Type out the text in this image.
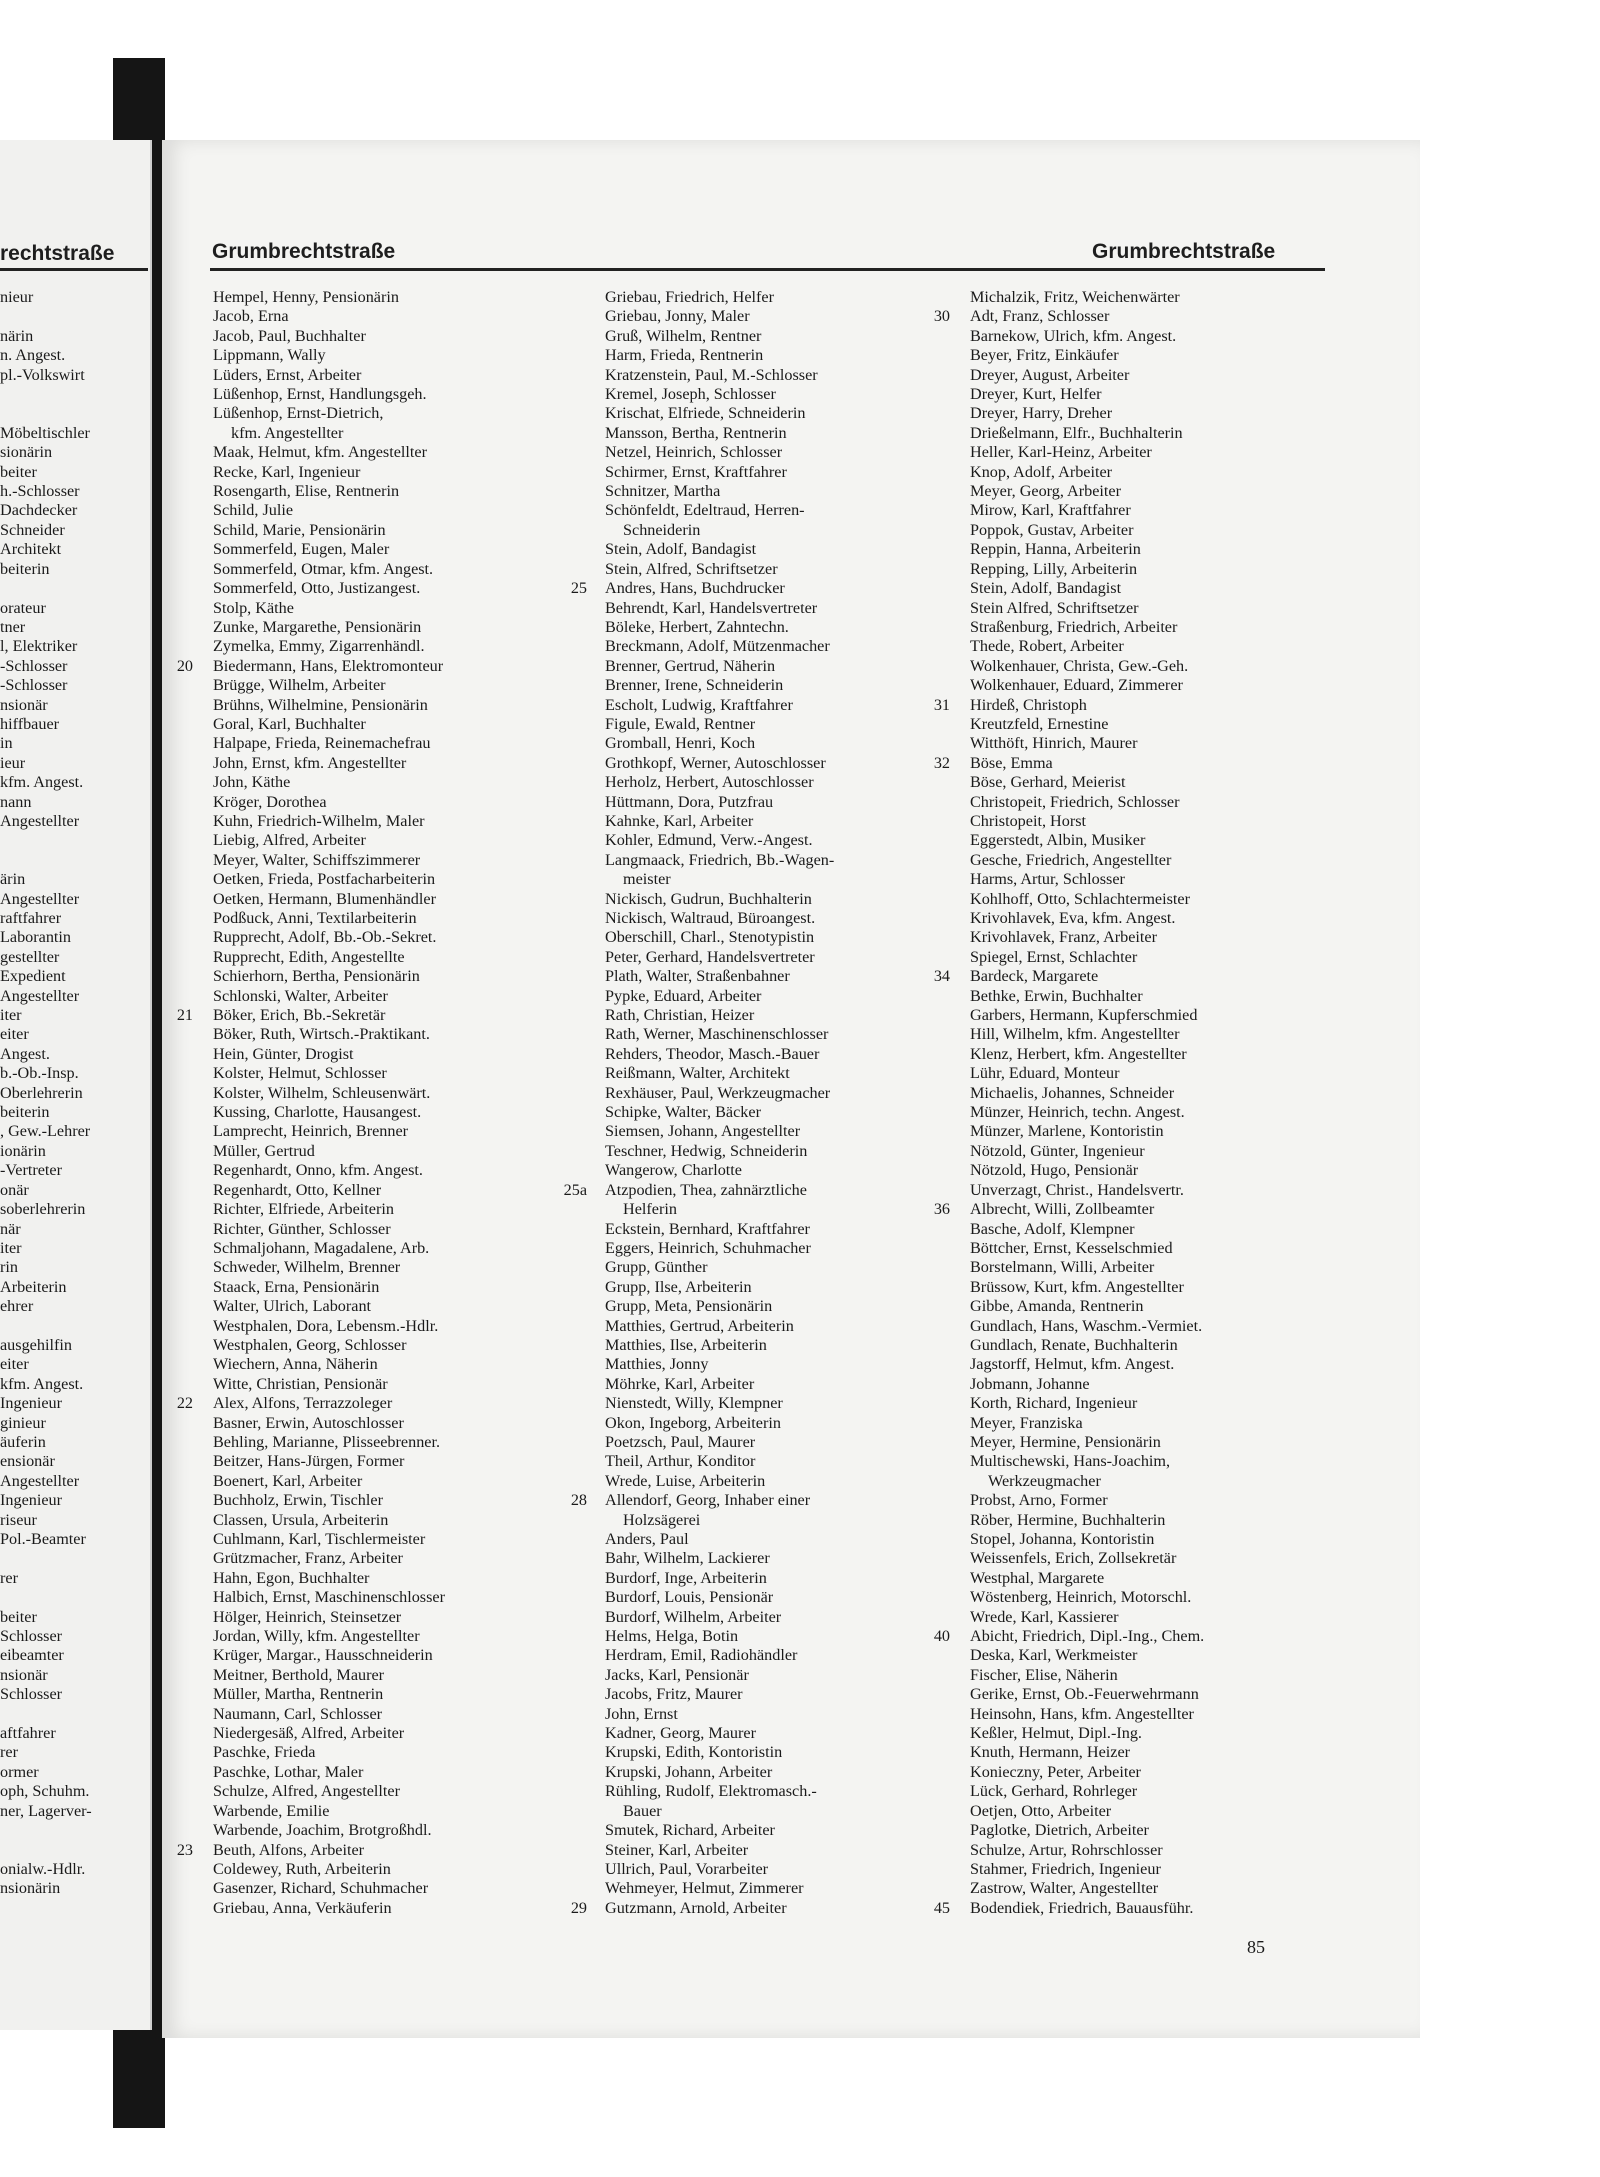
rechtstraße
nieur
närin
n. Angest.
pl.-Volkswirt
Möbeltischler
sionärin
beiter
h.-Schlosser
Dachdecker
Schneider
Architekt
beiterin
orateur
tner
l, Elektriker
-Schlosser
-Schlosser
nsionär
hiffbauer
in
ieur
kfm. Angest.
nann
Angestellter
ärin
Angestellter
raftfahrer
Laborantin
gestellter
Expedient
Angestellter
iter
eiter
Angest.
b.-Ob.-Insp.
Oberlehrerin
beiterin
, Gew.-Lehrer
ionärin
-Vertreter
onär
soberlehrerin
när
iter
rin
Arbeiterin
ehrer
ausgehilfin
eiter
kfm. Angest.
Ingenieur
ginieur
äuferin
ensionär
Angestellter
Ingenieur
riseur
Pol.-Beamter
rer
beiter
Schlosser
eibeamter
nsionär
Schlosser
aftfahrer
rer
ormer
oph, Schuhm.
ner, Lagerver-
onialw.-Hdlr.
nsionärin
Grumbrechtstraße	Grumbrechtstraße
Hempel, Henny, Pensionärin
Jacob, Erna
Jacob, Paul, Buchhalter
Lippmann, Wally
Lüders, Ernst, Arbeiter
Lüßenhop, Ernst, Handlungsgeh.
Lüßenhop, Ernst-Dietrich,
kfm. Angestellter
Maak, Helmut, kfm. Angestellter
Recke, Karl, Ingenieur
Rosengarth, Elise, Rentnerin
Schild, Julie
Schild, Marie, Pensionärin
Sommerfeld, Eugen, Maler
Sommerfeld, Otmar, kfm. Angest.
Sommerfeld, Otto, Justizangest.
Stolp, Käthe
Zunke, Margarethe, Pensionärin
Zymelka, Emmy, Zigarrenhändl.
20 Biedermann, Hans, Elektromonteur
Brügge, Wilhelm, Arbeiter
Brühns, Wilhelmine, Pensionärin
Goral, Karl, Buchhalter
Halpape, Frieda, Reinemachefrau
John, Ernst, kfm. Angestellter
John, Käthe
Kröger, Dorothea
Kuhn, Friedrich-Wilhelm, Maler
Liebig, Alfred, Arbeiter
Meyer, Walter, Schiffszimmerer
Oetken, Frieda, Postfacharbeiterin
Oetken, Hermann, Blumenhändler
Podßuck, Anni, Textilarbeiterin
Rupprecht, Adolf, Bb.-Ob.-Sekret.
Rupprecht, Edith, Angestellte
Schierhorn, Bertha, Pensionärin
Schlonski, Walter, Arbeiter
21 Böker, Erich, Bb.-Sekretär
Böker, Ruth, Wirtsch.-Praktikant.
Hein, Günter, Drogist
Kolster, Helmut, Schlosser
Kolster, Wilhelm, Schleusenwärt.
Kussing, Charlotte, Hausangest.
Lamprecht, Heinrich, Brenner
Müller, Gertrud
Regenhardt, Onno, kfm. Angest.
Regenhardt, Otto, Kellner
Richter, Elfriede, Arbeiterin
Richter, Günther, Schlosser
Schmaljohann, Magadalene, Arb.
Schweder, Wilhelm, Brenner
Staack, Erna, Pensionärin
Walter, Ulrich, Laborant
Westphalen, Dora, Lebensm.-Hdlr.
Westphalen, Georg, Schlosser
Wiechern, Anna, Näherin
Witte, Christian, Pensionär
22 Alex, Alfons, Terrazzoleger
Basner, Erwin, Autoschlosser
Behling, Marianne, Plisseebrenner.
Beitzer, Hans-Jürgen, Former
Boenert, Karl, Arbeiter
Buchholz, Erwin, Tischler
Classen, Ursula, Arbeiterin
Cuhlmann, Karl, Tischlermeister
Grützmacher, Franz, Arbeiter
Hahn, Egon, Buchhalter
Halbich, Ernst, Maschinenschlosser
Hölger, Heinrich, Steinsetzer
Jordan, Willy, kfm. Angestellter
Krüger, Margar., Hausschneiderin
Meitner, Berthold, Maurer
Müller, Martha, Rentnerin
Naumann, Carl, Schlosser
Niedergesäß, Alfred, Arbeiter
Paschke, Frieda
Paschke, Lothar, Maler
Schulze, Alfred, Angestellter
Warbende, Emilie
Warbende, Joachim, Brotgroßhdl.
23 Beuth, Alfons, Arbeiter
Coldewey, Ruth, Arbeiterin
Gasenzer, Richard, Schuhmacher
Griebau, Anna, Verkäuferin
Griebau, Friedrich, Helfer
Griebau, Jonny, Maler
Gruß, Wilhelm, Rentner
Harm, Frieda, Rentnerin
Kratzenstein, Paul, M.-Schlosser
Kremel, Joseph, Schlosser
Krischat, Elfriede, Schneiderin
Mansson, Bertha, Rentnerin
Netzel, Heinrich, Schlosser
Schirmer, Ernst, Kraftfahrer
Schnitzer, Martha
Schönfeldt, Edeltraud, Herren-
Schneiderin
Stein, Adolf, Bandagist
Stein, Alfred, Schriftsetzer
25 Andres, Hans, Buchdrucker
Behrendt, Karl, Handelsvertreter
Böleke, Herbert, Zahntechn.
Breckmann, Adolf, Mützenmacher
Brenner, Gertrud, Näherin
Brenner, Irene, Schneiderin
Escholt, Ludwig, Kraftfahrer
Figule, Ewald, Rentner
Gromball, Henri, Koch
Grothkopf, Werner, Autoschlosser
Herholz, Herbert, Autoschlosser
Hüttmann, Dora, Putzfrau
Kahnke, Karl, Arbeiter
Kohler, Edmund, Verw.-Angest.
Langmaack, Friedrich, Bb.-Wagen-
meister
Nickisch, Gudrun, Buchhalterin
Nickisch, Waltraud, Büroangest.
Oberschill, Charl., Stenotypistin
Peter, Gerhard, Handelsvertreter
Plath, Walter, Straßenbahner
Pypke, Eduard, Arbeiter
Rath, Christian, Heizer
Rath, Werner, Maschinenschlosser
Rehders, Theodor, Masch.-Bauer
Reißmann, Walter, Architekt
Rexhäuser, Paul, Werkzeugmacher
Schipke, Walter, Bäcker
Siemsen, Johann, Angestellter
Teschner, Hedwig, Schneiderin
Wangerow, Charlotte
25a Atzpodien, Thea, zahnärztliche
Helferin
Eckstein, Bernhard, Kraftfahrer
Eggers, Heinrich, Schuhmacher
Grupp, Günther
Grupp, Ilse, Arbeiterin
Grupp, Meta, Pensionärin
Matthies, Gertrud, Arbeiterin
Matthies, Ilse, Arbeiterin
Matthies, Jonny
Möhrke, Karl, Arbeiter
Nienstedt, Willy, Klempner
Okon, Ingeborg, Arbeiterin
Poetzsch, Paul, Maurer
Theil, Arthur, Konditor
Wrede, Luise, Arbeiterin
28 Allendorf, Georg, Inhaber einer
Holzsägerei
Anders, Paul
Bahr, Wilhelm, Lackierer
Burdorf, Inge, Arbeiterin
Burdorf, Louis, Pensionär
Burdorf, Wilhelm, Arbeiter
Helms, Helga, Botin
Herdram, Emil, Radiohändler
Jacks, Karl, Pensionär
Jacobs, Fritz, Maurer
John, Ernst
Kadner, Georg, Maurer
Krupski, Edith, Kontoristin
Krupski, Johann, Arbeiter
Rühling, Rudolf, Elektromasch.-
Bauer
Smutek, Richard, Arbeiter
Steiner, Karl, Arbeiter
Ullrich, Paul, Vorarbeiter
Wehmeyer, Helmut, Zimmerer
29 Gutzmann, Arnold, Arbeiter
Michalzik, Fritz, Weichenwärter
30 Adt, Franz, Schlosser
Barnekow, Ulrich, kfm. Angest.
Beyer, Fritz, Einkäufer
Dreyer, August, Arbeiter
Dreyer, Kurt, Helfer
Dreyer, Harry, Dreher
Drießelmann, Elfr., Buchhalterin
Heller, Karl-Heinz, Arbeiter
Knop, Adolf, Arbeiter
Meyer, Georg, Arbeiter
Mirow, Karl, Kraftfahrer
Poppok, Gustav, Arbeiter
Reppin, Hanna, Arbeiterin
Repping, Lilly, Arbeiterin
Stein, Adolf, Bandagist
Stein Alfred, Schriftsetzer
Straßenburg, Friedrich, Arbeiter
Thede, Robert, Arbeiter
Wolkenhauer, Christa, Gew.-Geh.
Wolkenhauer, Eduard, Zimmerer
31 Hirdeß, Christoph
Kreutzfeld, Ernestine
Witthöft, Hinrich, Maurer
32 Böse, Emma
Böse, Gerhard, Meierist
Christopeit, Friedrich, Schlosser
Christopeit, Horst
Eggerstedt, Albin, Musiker
Gesche, Friedrich, Angestellter
Harms, Artur, Schlosser
Kohlhoff, Otto, Schlachtermeister
Krivohlavek, Eva, kfm. Angest.
Krivohlavek, Franz, Arbeiter
Spiegel, Ernst, Schlachter
34 Bardeck, Margarete
Bethke, Erwin, Buchhalter
Garbers, Hermann, Kupferschmied
Hill, Wilhelm, kfm. Angestellter
Klenz, Herbert, kfm. Angestellter
Lühr, Eduard, Monteur
Michaelis, Johannes, Schneider
Münzer, Heinrich, techn. Angest.
Münzer, Marlene, Kontoristin
Nötzold, Günter, Ingenieur
Nötzold, Hugo, Pensionär
Unverzagt, Christ., Handelsvertr.
36 Albrecht, Willi, Zollbeamter
Basche, Adolf, Klempner
Böttcher, Ernst, Kesselschmied
Borstelmann, Willi, Arbeiter
Brüssow, Kurt, kfm. Angestellter
Gibbe, Amanda, Rentnerin
Gundlach, Hans, Waschm.-Vermiet.
Gundlach, Renate, Buchhalterin
Jagstorff, Helmut, kfm. Angest.
Jobmann, Johanne
Korth, Richard, Ingenieur
Meyer, Franziska
Meyer, Hermine, Pensionärin
Multischewski, Hans-Joachim,
Werkzeugmacher
Probst, Arno, Former
Röber, Hermine, Buchhalterin
Stopel, Johanna, Kontoristin
Weissenfels, Erich, Zollsekretär
Westphal, Margarete
Wöstenberg, Heinrich, Motorschl.
Wrede, Karl, Kassierer
40 Abicht, Friedrich, Dipl.-Ing., Chem.
Deska, Karl, Werkmeister
Fischer, Elise, Näherin
Gerike, Ernst, Ob.-Feuerwehrmann
Heinsohn, Hans, kfm. Angestellter
Keßler, Helmut, Dipl.-Ing.
Knuth, Hermann, Heizer
Konieczny, Peter, Arbeiter
Lück, Gerhard, Rohrleger
Oetjen, Otto, Arbeiter
Paglotke, Dietrich, Arbeiter
Schulze, Artur, Rohrschlosser
Stahmer, Friedrich, Ingenieur
Zastrow, Walter, Angestellter
45 Bodendiek, Friedrich, Bauausführ.
85
